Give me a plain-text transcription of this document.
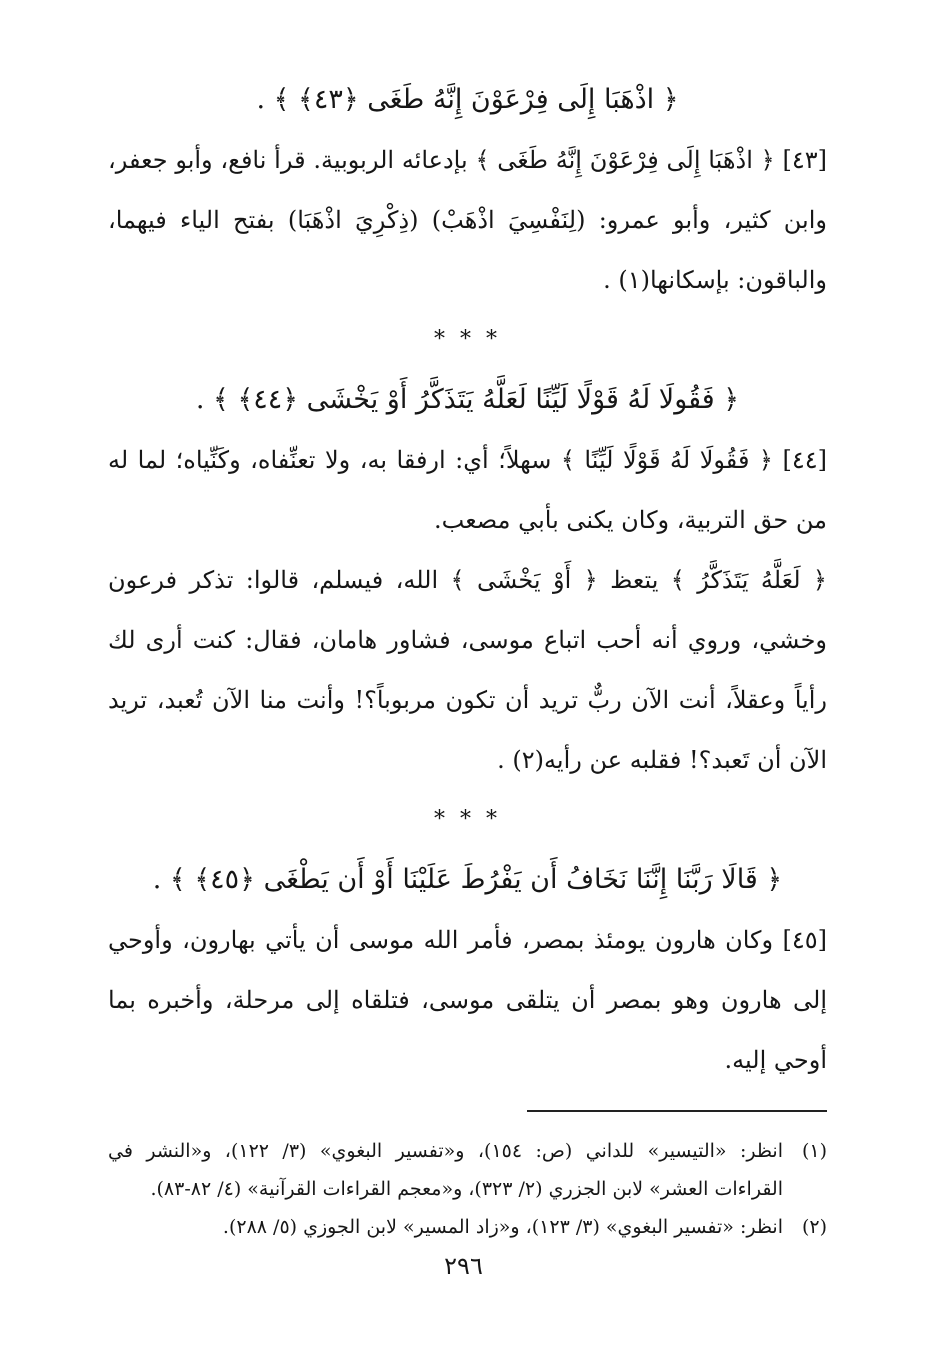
﴿ اذْهَبَا إِلَى فِرْعَوْنَ إِنَّهُ طَغَى ﴿٤٣﴾ ﴾ .

[٤٣] ﴿ اذْهَبَا إِلَى فِرْعَوْنَ إِنَّهُ طَغَى ﴾ بإدعائه الربوبية. قرأ نافع، وأبو جعفر، وابن كثير، وأبو عمرو: (لِنَفْسِيَ اذْهَبْ) (ذِكْرِيَ اذْهَبَا) بفتح الياء فيهما، والباقون: بإسكانها(١) .

* * *

﴿ فَقُولَا لَهُ قَوْلًا لَيِّنًا لَعَلَّهُ يَتَذَكَّرُ أَوْ يَخْشَى ﴿٤٤﴾ ﴾ .

[٤٤] ﴿ فَقُولَا لَهُ قَوْلًا لَيِّنًا ﴾ سهلاً؛ أي: ارفقا به، ولا تعنِّفاه، وكَنِّياه؛ لما له من حق التربية، وكان يكنى بأبي مصعب.

﴿ لَعَلَّهُ يَتَذَكَّرُ ﴾ يتعظ ﴿ أَوْ يَخْشَى ﴾ الله، فيسلم، قالوا: تذكر فرعون وخشي، وروي أنه أحب اتباع موسى، فشاور هامان، فقال: كنت أرى لك رأياً وعقلاً، أنت الآن ربٌّ تريد أن تكون مربوباً؟! وأنت منا الآن تُعبد، تريد الآن أن تَعبد؟! فقلبه عن رأيه(٢) .

* * *

﴿ قَالَا رَبَّنَا إِنَّنَا نَخَافُ أَن يَفْرُطَ عَلَيْنَا أَوْ أَن يَطْغَى ﴿٤٥﴾ ﴾ .

[٤٥] وكان هارون يومئذ بمصر، فأمر الله موسى أن يأتي بهارون، وأوحي إلى هارون وهو بمصر أن يتلقى موسى، فتلقاه إلى مرحلة، وأخبره بما أوحي إليه.

(١)
انظر: «التيسير» للداني (ص: ١٥٤)، و«تفسير البغوي» (٣/ ١٢٢)، و«النشر في القراءات العشر» لابن الجزري (٢/ ٣٢٣)، و«معجم القراءات القرآنية» (٤/ ٨٢-٨٣).
(٢)
انظر: «تفسير البغوي» (٣/ ١٢٣)، و«زاد المسير» لابن الجوزي (٥/ ٢٨٨).
٢٩٦
